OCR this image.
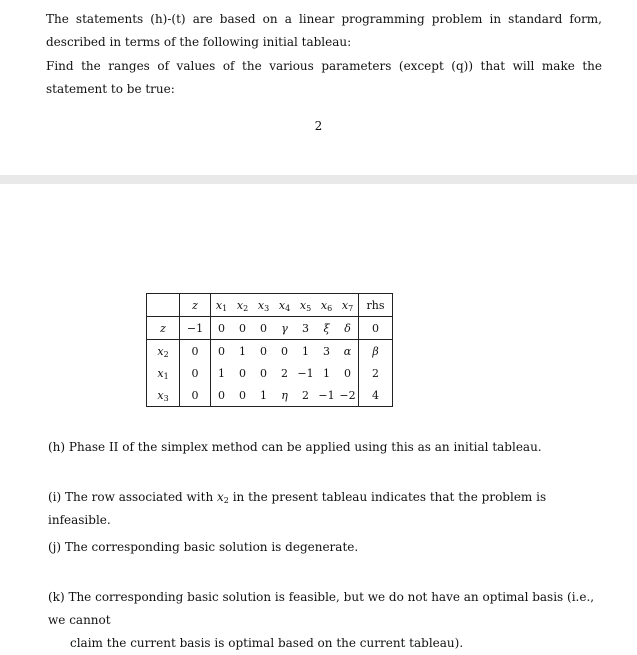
The statements (h)-(t) are based on a linear programming problem in standard form, described in terms of the following initial tableau:
Find the ranges of values of the various parameters (except (q)) that will make the statement to be true:
2
	z	$x_1$	$x_2$	$x_3$	$x_4$	$x_5$	$x_6$	$x_7$	rhs
z	−1	0	0	0	γ	3	ξ	δ	0
$x_2$	0	0	1	0	0	1	3	α	β
$x_1$	0	1	0	0	2	−1	1	0	2
$x_3$	0	0	0	1	η	2	−1	−2	4
(h) Phase II of the simplex method can be applied using this as an initial tableau.
(i) The row associated with $x_2$ in the present tableau indicates that the problem is infeasible.
(j) The corresponding basic solution is degenerate.
(k) The corresponding basic solution is feasible, but we do not have an optimal basis (i.e., we cannot
claim the current basis is optimal based on the current tableau).
